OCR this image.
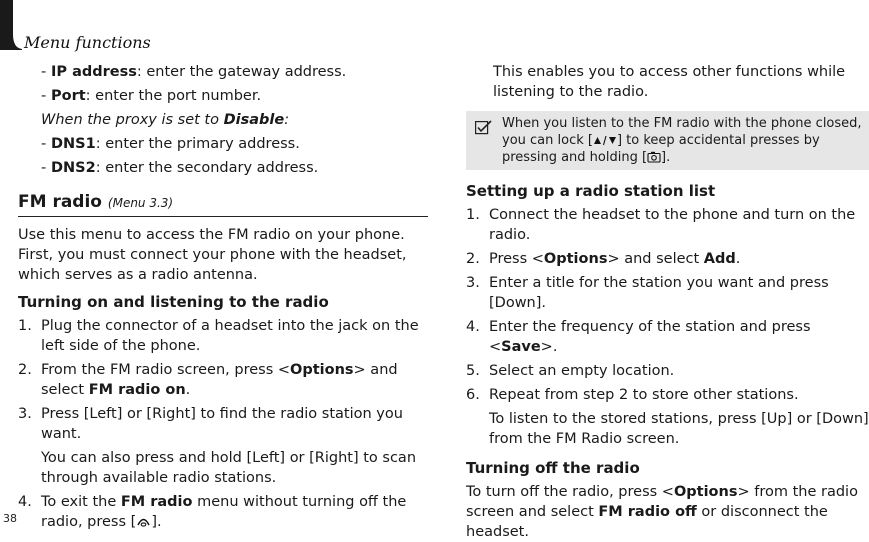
Menu functions
38

- IP address: enter the gateway address.

- Port: enter the port number.

When the proxy is set to Disable:

- DNS1: enter the primary address.

- DNS2: enter the secondary address.

FM radio (Menu 3.3)

Use this menu to access the FM radio on your phone. First, you must connect your phone with the headset, which serves as a radio antenna.

Turning on and listening to the radio
1. Plug the connector of a headset into the jack on the left side of the phone.
2. From the FM radio screen, press <Options> and select FM radio on.
3. Press [Left] or [Right] to find the radio station you want.

You can also press and hold [Left] or [Right] to scan through available radio stations.

4. To exit the FM radio menu without turning off the radio, press [ ].

This enables you to access other functions while listening to the radio.

When you listen to the FM radio with the phone closed, you can lock [ ] to keep accidental presses by pressing and holding [ ].
Setting up a radio station list
1. Connect the headset to the phone and turn on the radio.
2. Press <Options> and select Add.
3. Enter a title for the station you want and press [Down].
4. Enter the frequency of the station and press <Save>.
5. Select an empty location.
6. Repeat from step 2 to store other stations.

To listen to the stored stations, press [Up] or [Down] from the FM Radio screen.

Turning off the radio

To turn off the radio, press <Options> from the radio screen and select FM radio off or disconnect the headset.
